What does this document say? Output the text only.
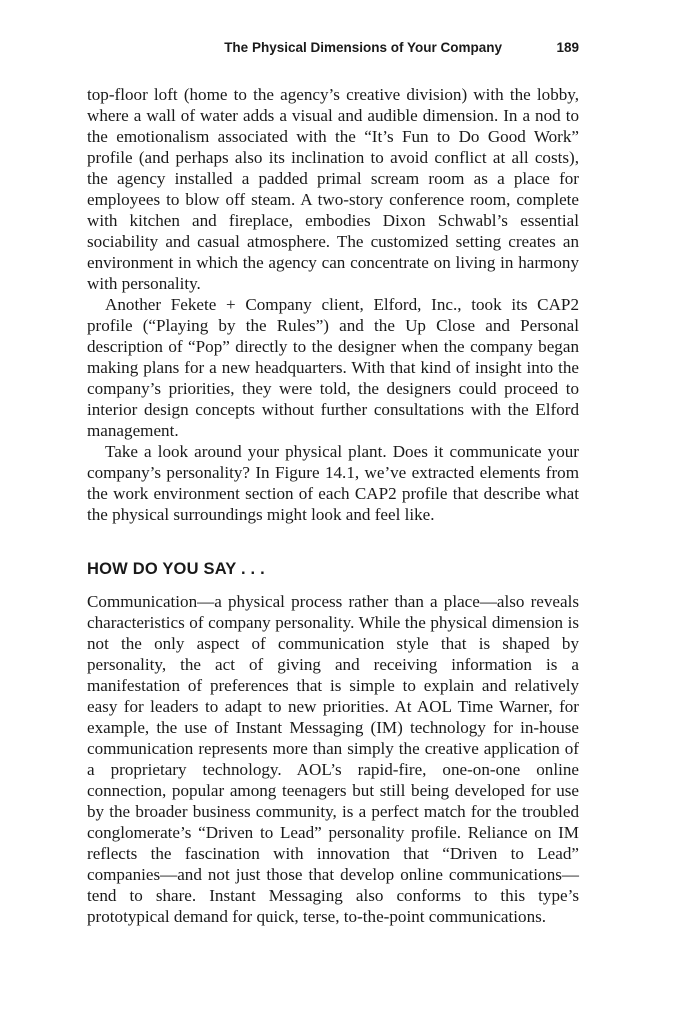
The Physical Dimensions of Your Company	189

top-floor loft (home to the agency’s creative division) with the lobby, where a wall of water adds a visual and audible dimension. In a nod to the emotionalism associated with the “It’s Fun to Do Good Work” profile (and perhaps also its inclination to avoid conflict at all costs), the agency installed a padded primal scream room as a place for employees to blow off steam. A two-story conference room, complete with kitchen and fireplace, embodies Dixon Schwabl’s essential sociability and casual atmosphere. The customized setting creates an environment in which the agency can concentrate on living in harmony with personality.

Another Fekete + Company client, Elford, Inc., took its CAP2 profile (“Playing by the Rules”) and the Up Close and Personal description of “Pop” directly to the designer when the company began making plans for a new headquarters. With that kind of insight into the company’s priorities, they were told, the designers could proceed to interior design concepts without further consultations with the Elford management.

Take a look around your physical plant. Does it communicate your company’s personality? In Figure 14.1, we’ve extracted elements from the work environment section of each CAP2 profile that describe what the physical surroundings might look and feel like.

HOW DO YOU SAY . . .

Communication—a physical process rather than a place—also reveals characteristics of company personality. While the physical dimension is not the only aspect of communication style that is shaped by personality, the act of giving and receiving information is a manifestation of preferences that is simple to explain and relatively easy for leaders to adapt to new priorities. At AOL Time Warner, for example, the use of Instant Messaging (IM) technology for in-house communication represents more than simply the creative application of a proprietary technology. AOL’s rapid-fire, one-on-one online connection, popular among teenagers but still being developed for use by the broader business community, is a perfect match for the troubled conglomerate’s “Driven to Lead” personality profile. Reliance on IM reflects the fascination with innovation that “Driven to Lead” companies—and not just those that develop online communications—tend to share. Instant Messaging also conforms to this type’s prototypical demand for quick, terse, to-the-point communications.
